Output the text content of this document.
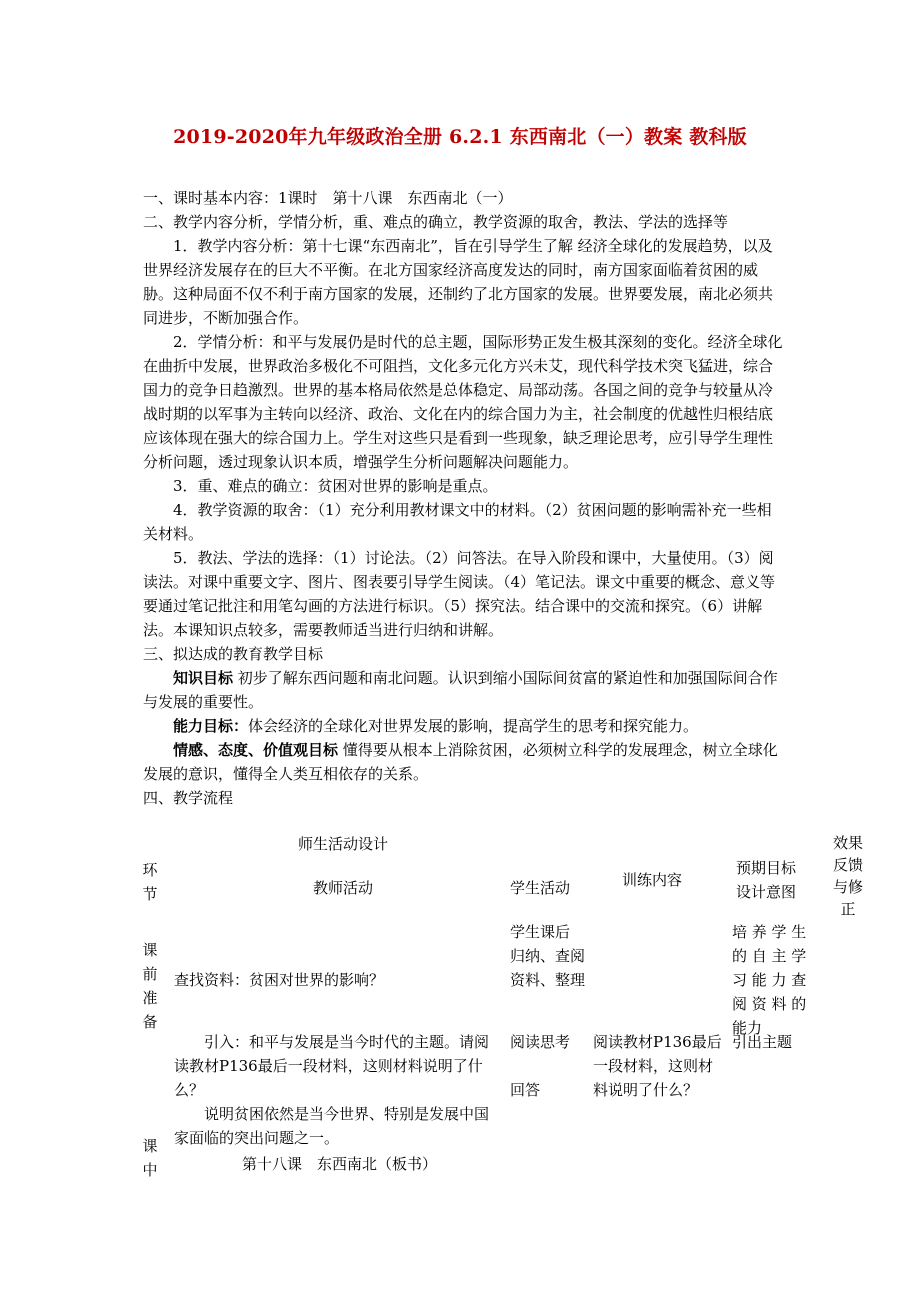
2019-2020年九年级政治全册 6.2.1 东西南北（一）教案 教科版

一、课时基本内容：1课时　第十八课　东西南北（一）

二、教学内容分析，学情分析，重、难点的确立，教学资源的取舍，教法、学法的选择等

1．教学内容分析：第十七课“东西南北”，旨在引导学生了解 经济全球化的发展趋势，以及世界经济发展存在的巨大不平衡。在北方国家经济高度发达的同时，南方国家面临着贫困的威胁。这种局面不仅不利于南方国家的发展，还制约了北方国家的发展。世界要发展，南北必须共同进步，不断加强合作。

2．学情分析：和平与发展仍是时代的总主题，国际形势正发生极其深刻的变化。经济全球化在曲折中发展，世界政治多极化不可阻挡，文化多元化方兴未艾，现代科学技术突飞猛进，综合国力的竞争日趋激烈。世界的基本格局依然是总体稳定、局部动荡。各国之间的竞争与较量从冷战时期的以军事为主转向以经济、政治、文化在内的综合国力为主，社会制度的优越性归根结底应该体现在强大的综合国力上。学生对这些只是看到一些现象，缺乏理论思考，应引导学生理性分析问题，透过现象认识本质，增强学生分析问题解决问题能力。

3．重、难点的确立：贫困对世界的影响是重点。

4．教学资源的取舍：（1）充分利用教材课文中的材料。（2）贫困问题的影响需补充一些相关材料。

5．教法、学法的选择：（1）讨论法。（2）问答法。在导入阶段和课中，大量使用。（3）阅读法。对课中重要文字、图片、图表要引导学生阅读。（4）笔记法。课文中重要的概念、意义等要通过笔记批注和用笔勾画的方法进行标识。（5）探究法。结合课中的交流和探究。（6）讲解法。本课知识点较多，需要教师适当进行归纳和讲解。

三、拟达成的教育教学目标

知识目标 初步了解东西问题和南北问题。认识到缩小国际间贫富的紧迫性和加强国际间合作与发展的重要性。

能力目标：体会经济的全球化对世界发展的影响，提高学生的思考和探究能力。

情感、态度、价值观目标 懂得要从根本上消除贫困，必须树立科学的发展理念，树立全球化发展的意识，懂得全人类互相依存的关系。

四、教学流程

环
节
师生活动设计
教师活动	学生活动	训练内容
预期目标
设计意图
效果
反馈
与修
正
课
前
准
备
查找资料：贫困对世界的影响？
学生课后
归纳、查阅
资料、整理
培 养 学 生
的 自 主 学
习 能 力 查
阅 资 料 的
能力
引入：和平与发展是当今时代的主题。请阅读教材P136最后一段材料，这则材料说明了什么？
说明贫困依然是当今世界、特别是发展中国家面临的突出问题之一。
第十八课　东西南北（板书）
阅读思考

回答
阅读教材P136最后一段材料，这则材料说明了什么？
引出主题
课
中
